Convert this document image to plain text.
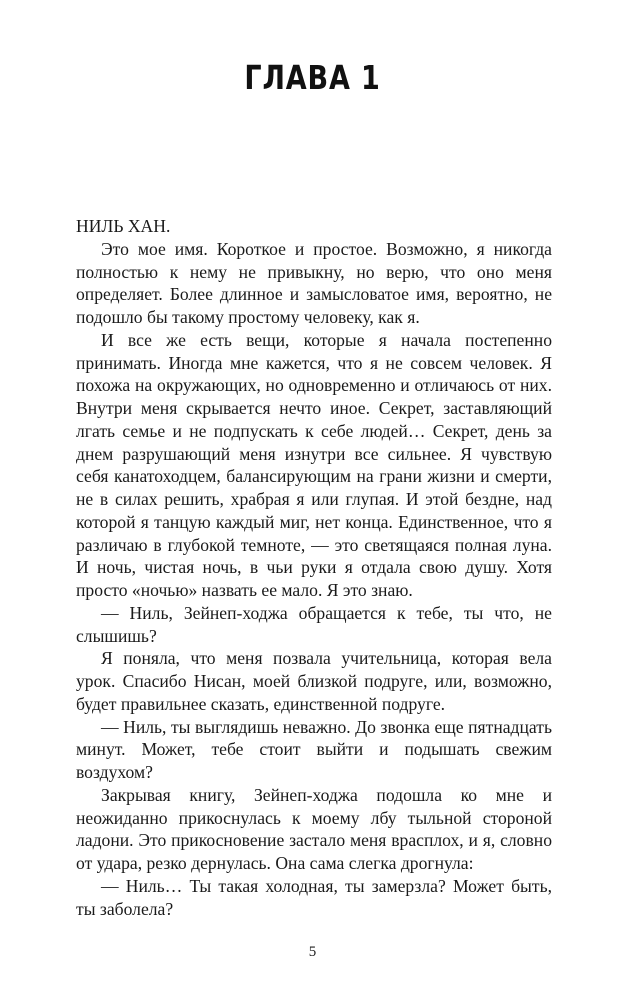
ГЛАВА 1

НИЛЬ ХАН.

Это мое имя. Короткое и простое. Возможно, я никогда полностью к нему не привыкну, но верю, что оно меня определяет. Более длинное и замысловатое имя, вероятно, не подошло бы такому простому человеку, как я.

И все же есть вещи, которые я начала постепенно принимать. Иногда мне кажется, что я не совсем человек. Я похожа на окружающих, но одновременно и отличаюсь от них. Внутри меня скрывается нечто иное. Секрет, заставляющий лгать семье и не подпускать к себе людей… Секрет, день за днем разрушающий меня изнутри все сильнее. Я чувствую себя канатоходцем, балансирующим на грани жизни и смерти, не в силах решить, храбрая я или глупая. И этой бездне, над которой я танцую каждый миг, нет конца. Единственное, что я различаю в глубокой темноте, — это светящаяся полная луна. И ночь, чистая ночь, в чьи руки я отдала свою душу. Хотя просто «ночью» назвать ее мало. Я это знаю.

— Ниль, Зейнеп-ходжа обращается к тебе, ты что, не слышишь?

Я поняла, что меня позвала учительница, которая вела урок. Спасибо Нисан, моей близкой подруге, или, возможно, будет правильнее сказать, единственной подруге.

— Ниль, ты выглядишь неважно. До звонка еще пятнадцать минут. Может, тебе стоит выйти и подышать свежим воздухом?

Закрывая книгу, Зейнеп-ходжа подошла ко мне и неожиданно прикоснулась к моему лбу тыльной стороной ладони. Это прикосновение застало меня врасплох, и я, словно от удара, резко дернулась. Она сама слегка дрогнула:

— Ниль… Ты такая холодная, ты замерзла? Может быть, ты заболела?

5
